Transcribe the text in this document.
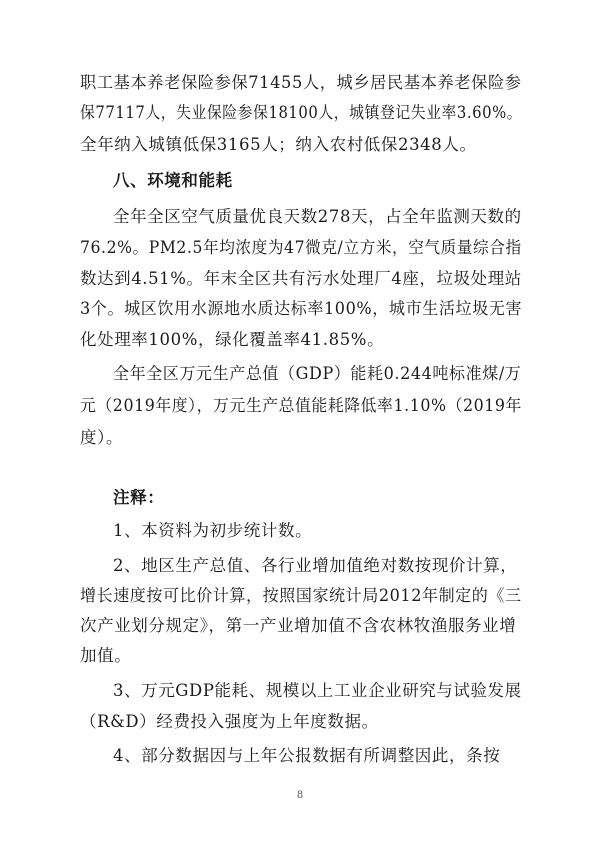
职工基本养老保险参保71455人，城乡居民基本养老保险参
保77117人，失业保险参保18100人，城镇登记失业率3.60%。
全年纳入城镇低保3165人；纳入农村低保2348人。
八、环境和能耗
全年全区空气质量优良天数278天，占全年监测天数的
76.2%。PM2.5年均浓度为47微克/立方米，空气质量综合指
数达到4.51%。年末全区共有污水处理厂4座，垃圾处理站
3个。城区饮用水源地水质达标率100%，城市生活垃圾无害
化处理率100%，绿化覆盖率41.85%。
全年全区万元生产总值（GDP）能耗0.244吨标准煤/万
元（2019年度），万元生产总值能耗降低率1.10%（2019年
度）。
注释：
1、本资料为初步统计数。
2、地区生产总值、各行业增加值绝对数按现价计算，
增长速度按可比价计算，按照国家统计局2012年制定的《三
次产业划分规定》，第一产业增加值不含农林牧渔服务业增
加值。
3、万元GDP能耗、规模以上工业企业研究与试验发展
（R&D）经费投入强度为上年度数据。
4、部分数据因与上年公报数据有所调整因此，条按
8
